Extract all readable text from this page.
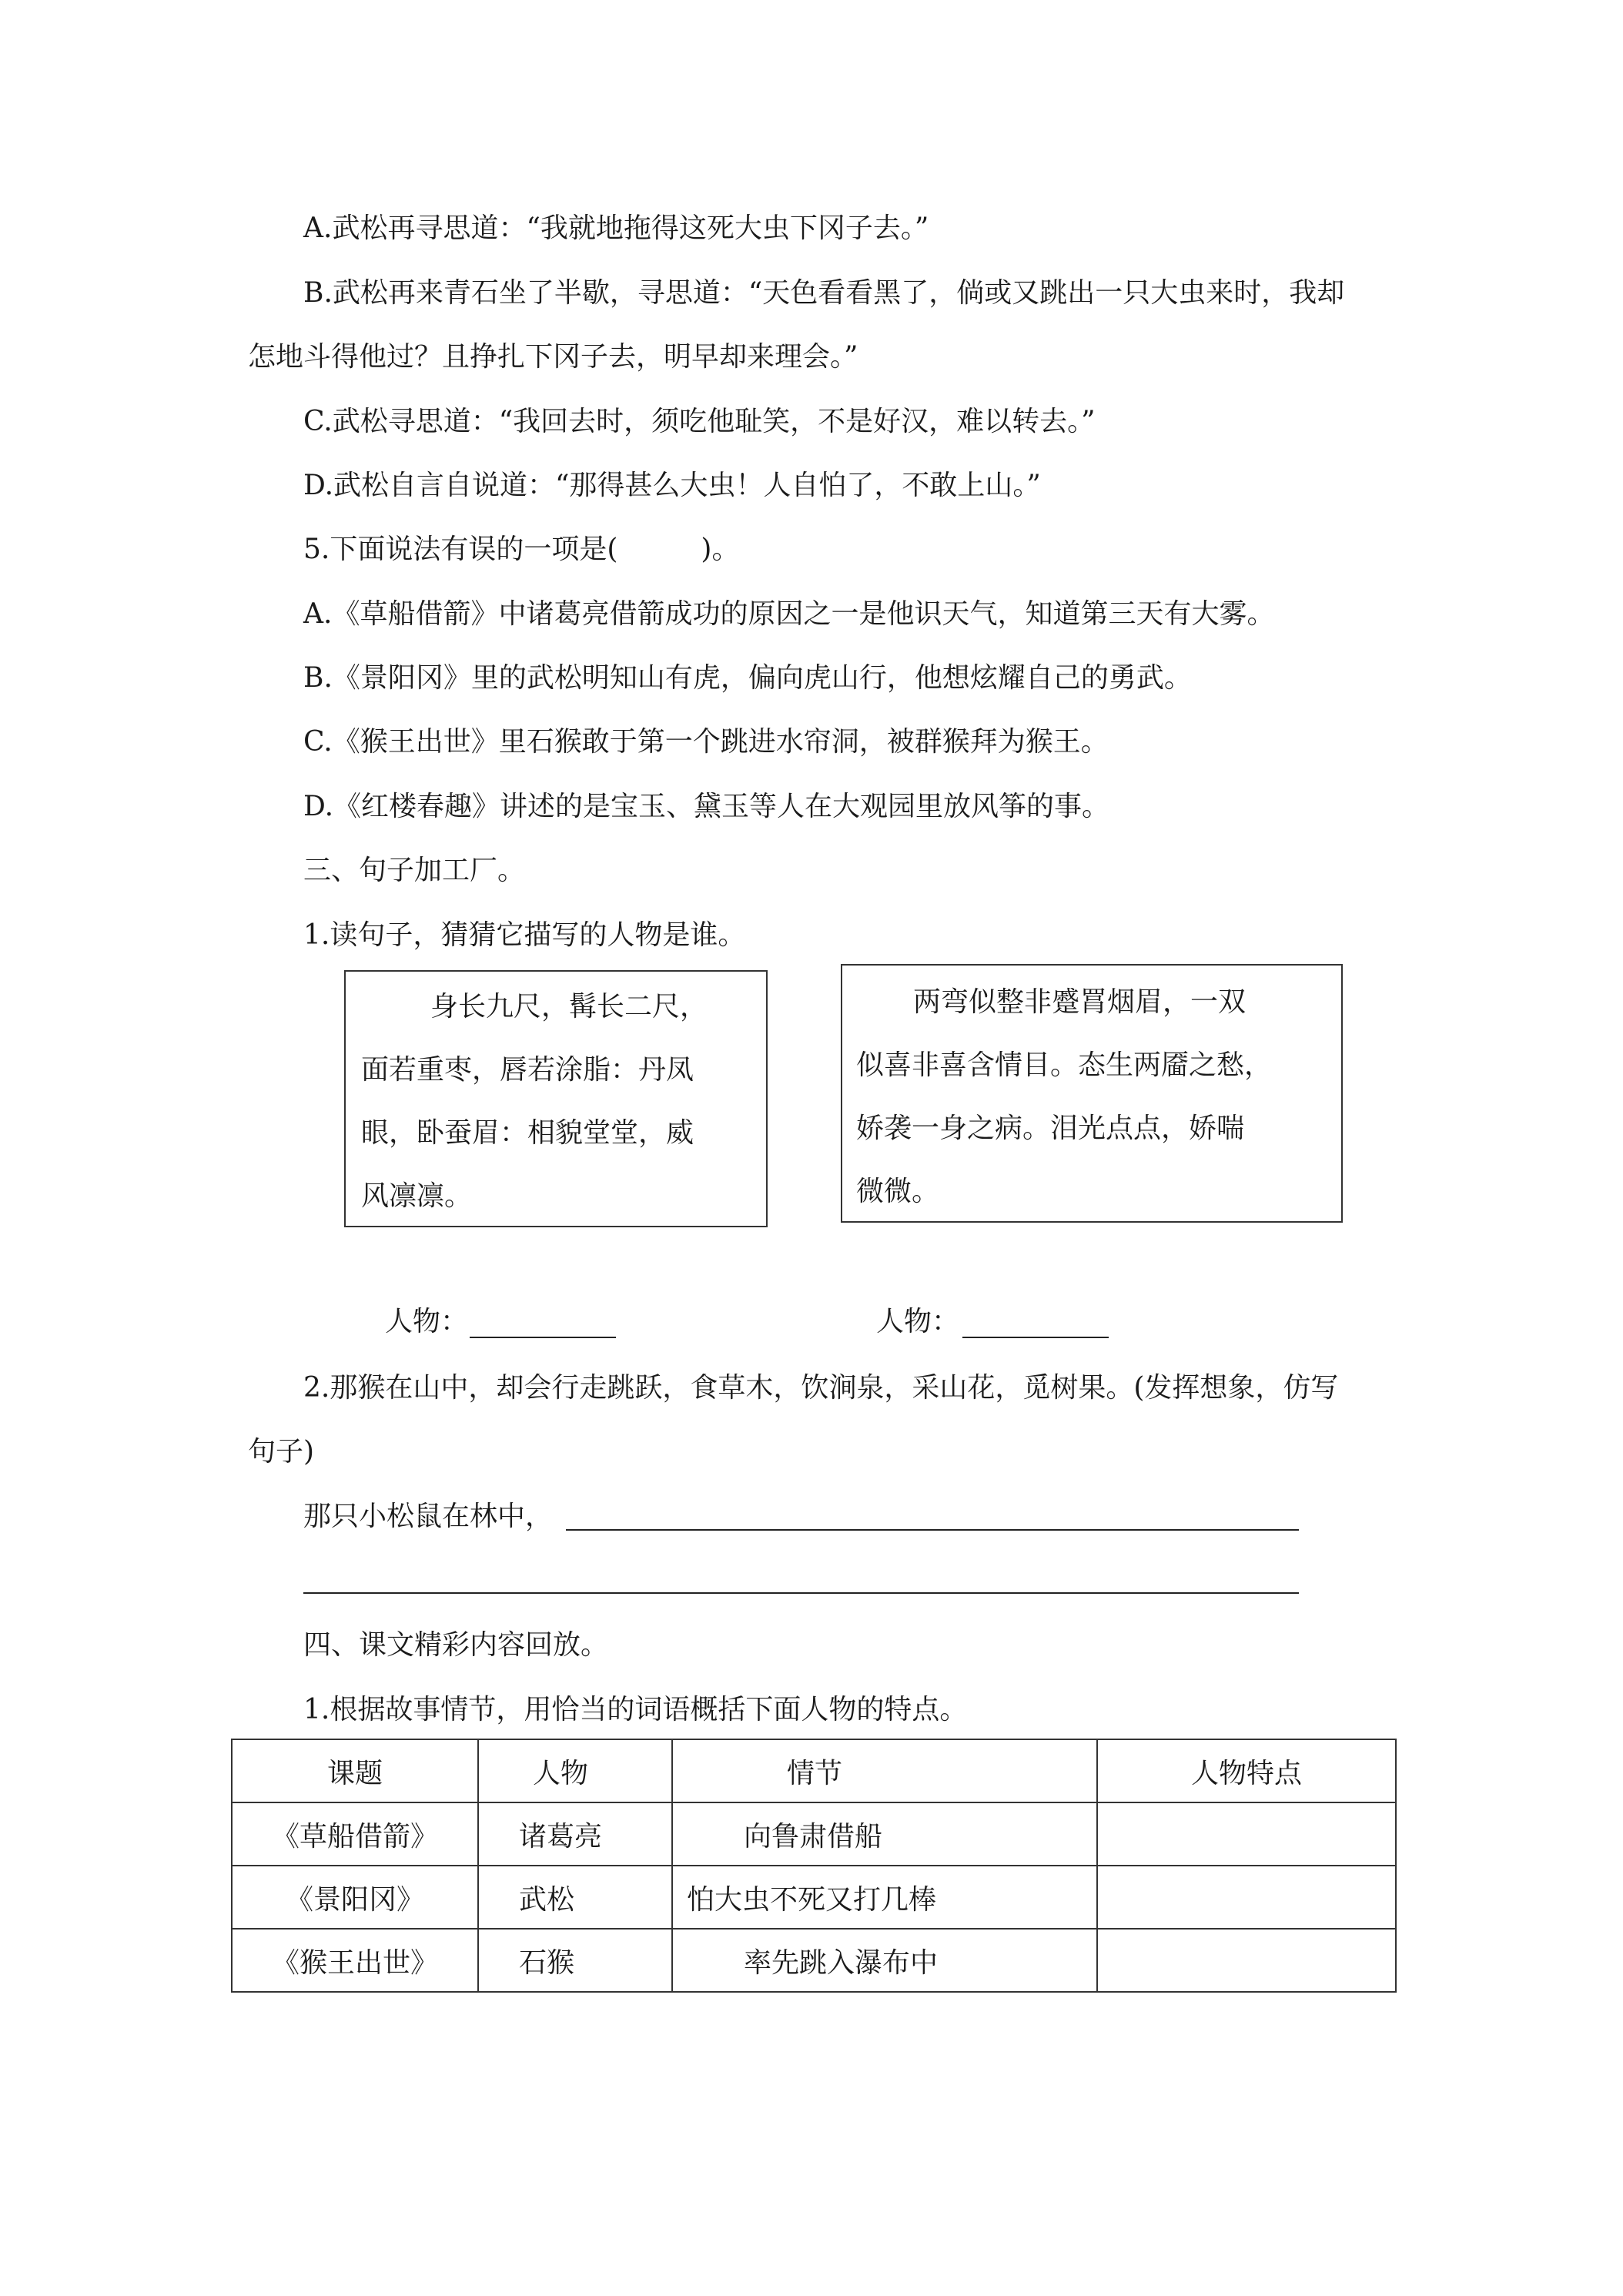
A.武松再寻思道：“我就地拖得这死大虫下冈子去。”
B.武松再来青石坐了半歇，寻思道：“天色看看黑了，倘或又跳出一只大虫来时，我却
怎地斗得他过？且挣扎下冈子去，明早却来理会。”
C.武松寻思道：“我回去时，须吃他耻笑，不是好汉，难以转去。”
D.武松自言自说道：“那得甚么大虫！人自怕了，不敢上山。”
5.下面说法有误的一项是(　　　)。
A.《草船借箭》中诸葛亮借箭成功的原因之一是他识天气，知道第三天有大雾。
B.《景阳冈》里的武松明知山有虎，偏向虎山行，他想炫耀自己的勇武。
C.《猴王出世》里石猴敢于第一个跳进水帘洞，被群猴拜为猴王。
D.《红楼春趣》讲述的是宝玉、黛玉等人在大观园里放风筝的事。
三、句子加工厂。
1.读句子，猜猜它描写的人物是谁。
身长九尺，髯长二尺，
面若重枣，唇若涂脂：丹凤
眼，卧蚕眉：相貌堂堂，威
风凛凛。
两弯似整非蹙罥烟眉，一双
似喜非喜含情目。态生两靥之愁，
娇袭一身之病。泪光点点，娇喘
微微。
人物：	人物：
2.那猴在山中，却会行走跳跃，食草木，饮涧泉，采山花，觅树果。(发挥想象，仿写
句子)
那只小松鼠在林中，
四、课文精彩内容回放。
1.根据故事情节，用恰当的词语概括下面人物的特点。
课题	人物	情节	人物特点
《草船借箭》	诸葛亮	向鲁肃借船	
《景阳冈》	武松	怕大虫不死又打几棒	
《猴王出世》	石猴	率先跳入瀑布中	
